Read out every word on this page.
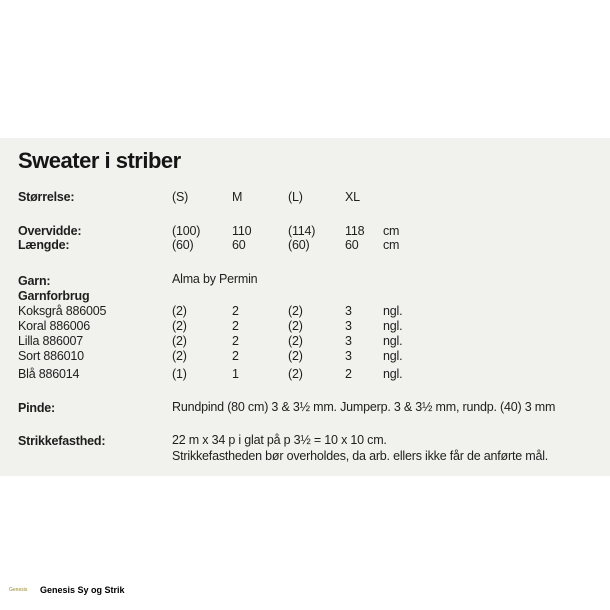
Sweater i striber
Størrelse:	(S)	M	(L)	XL
Overvidde:	(100)	110	(114) 118 cm
Længde:	(60)	60	(60)	60 cm
Garn:	Alma by Permin
Garnforbrug
Koksgrå 886005	(2)	2	(2)	3 ngl.
Koral 886006	(2)	2	(2)	3 ngl.
Lilla 886007	(2)	2	(2)	3 ngl.
Sort 886010	(2)	2	(2)	3 ngl.
Blå 886014	(1)	1	(2)	2 ngl.
Pinde:	Rundpind (80 cm) 3 & 3½ mm. Jumperp. 3 & 3½ mm, rundp. (40) 3 mm
Strikkefasthed:	22 m x 34 p i glat på p 3½ = 10 x 10 cm.
Strikkefastheden bør overholdes, da arb. ellers ikke får de anførte mål.
Genesis Genesis Sy og Strik
